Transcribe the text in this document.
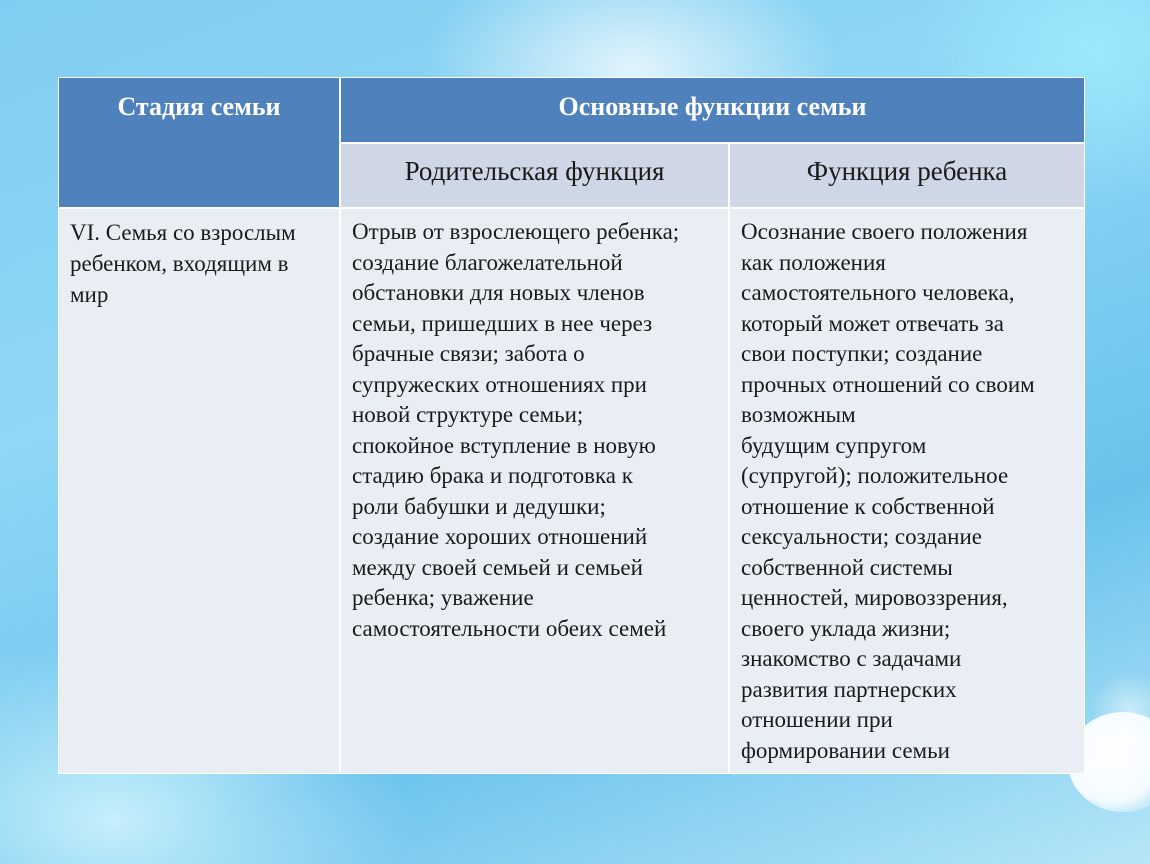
Стадия семьи	Основные функции семьи
Родительская функция	Функция ребенка
VI. Семья со взрослым
ребенком, входящим в
мир
Отрыв от взрослеющего ребенка;
создание благожелательной
обстановки для новых членов
семьи, пришедших в нее через
брачные связи; забота о
супружеских отношениях при
новой структуре семьи;
спокойное вступление в новую
стадию брака и подготовка к
роли бабушки и дедушки;
создание хороших отношений
между своей семьей и семьей
ребенка; уважение
самостоятельности обеих семей
Осознание своего положения
как положения
самостоятельного человека,
который может отвечать за
свои поступки; создание
прочных отношений со своим
возможным
будущим супругом
(супругой); положительное
отношение к собственной
сексуальности; создание
собственной системы
ценностей, мировоззрения,
своего уклада жизни;
знакомство с задачами
развития партнерских
отношении при
формировании семьи
